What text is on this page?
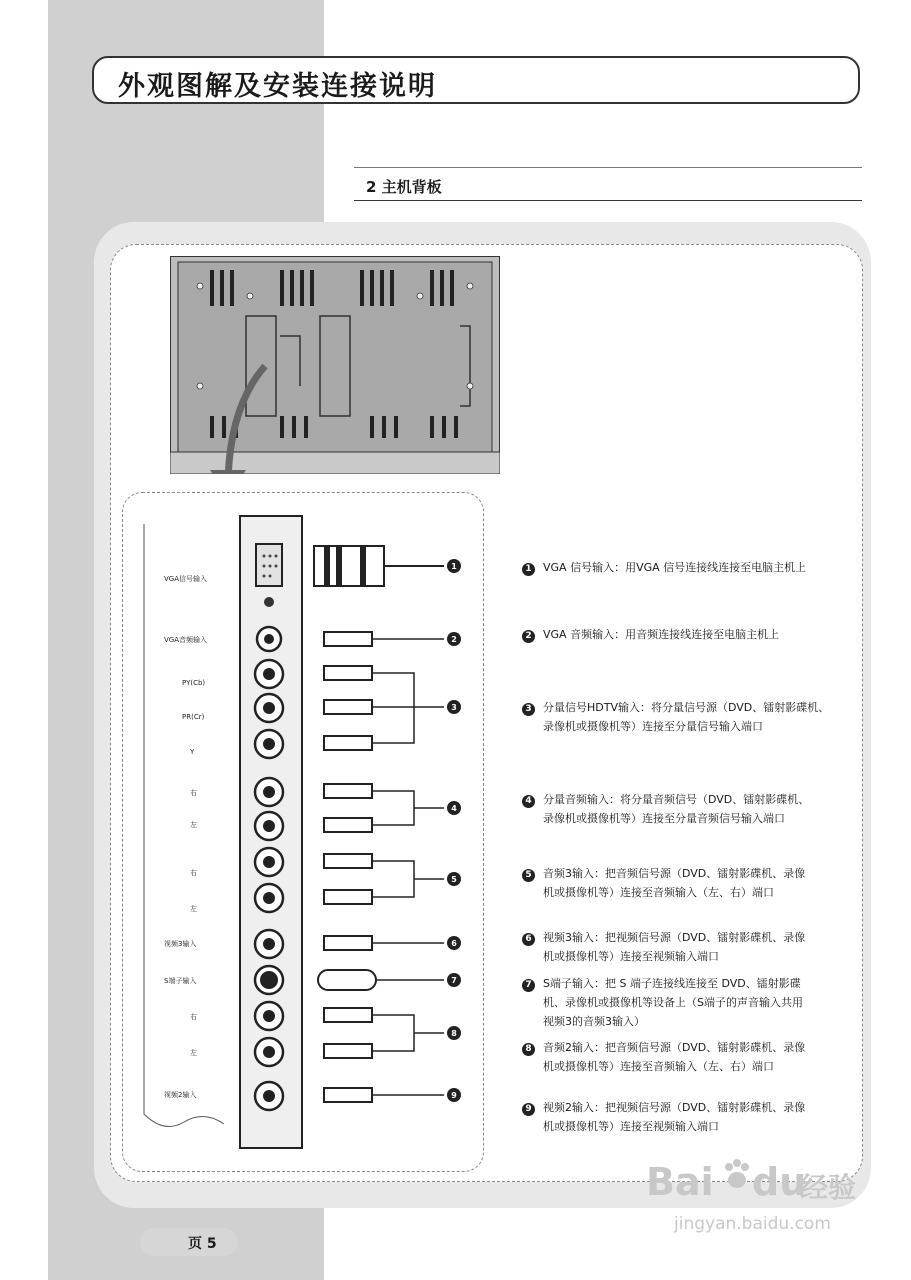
外观图解及安装连接说明
2 主机背板
1
2
3
4
5
6
7
8
9
VGA信号输入
VGA音频输入
PY(Cb)
PR(Cr)
Y
右
左
右
左
视频3输入
S端子输入
右
左
视频2输入
1 VGA 信号输入：用VGA 信号连接线连接至电脑主机上
2 VGA 音频输入：用音频连接线连接至电脑主机上
3 分量信号HDTV输入：将分量信号源（DVD、镭射影碟机、
录像机或摄像机等）连接至分量信号输入端口
4 分量音频输入：将分量音频信号（DVD、镭射影碟机、
录像机或摄像机等）连接至分量音频信号输入端口
5 音频3输入：把音频信号源（DVD、镭射影碟机、录像
机或摄像机等）连接至音频输入（左、右）端口
6 视频3输入：把视频信号源（DVD、镭射影碟机、录像
机或摄像机等）连接至视频输入端口
7 S端子输入：把 S 端子连接线连接至 DVD、镭射影碟
机、录像机或摄像机等设备上（S端子的声音输入共用
视频3的音频3输入）
8 音频2输入：把音频信号源（DVD、镭射影碟机、录像
机或摄像机等）连接至音频输入（左、右）端口
9 视频2输入：把视频信号源（DVD、镭射影碟机、录像
机或摄像机等）连接至视频输入端口
Bai du
经验
jingyan.baidu.com
页 5
